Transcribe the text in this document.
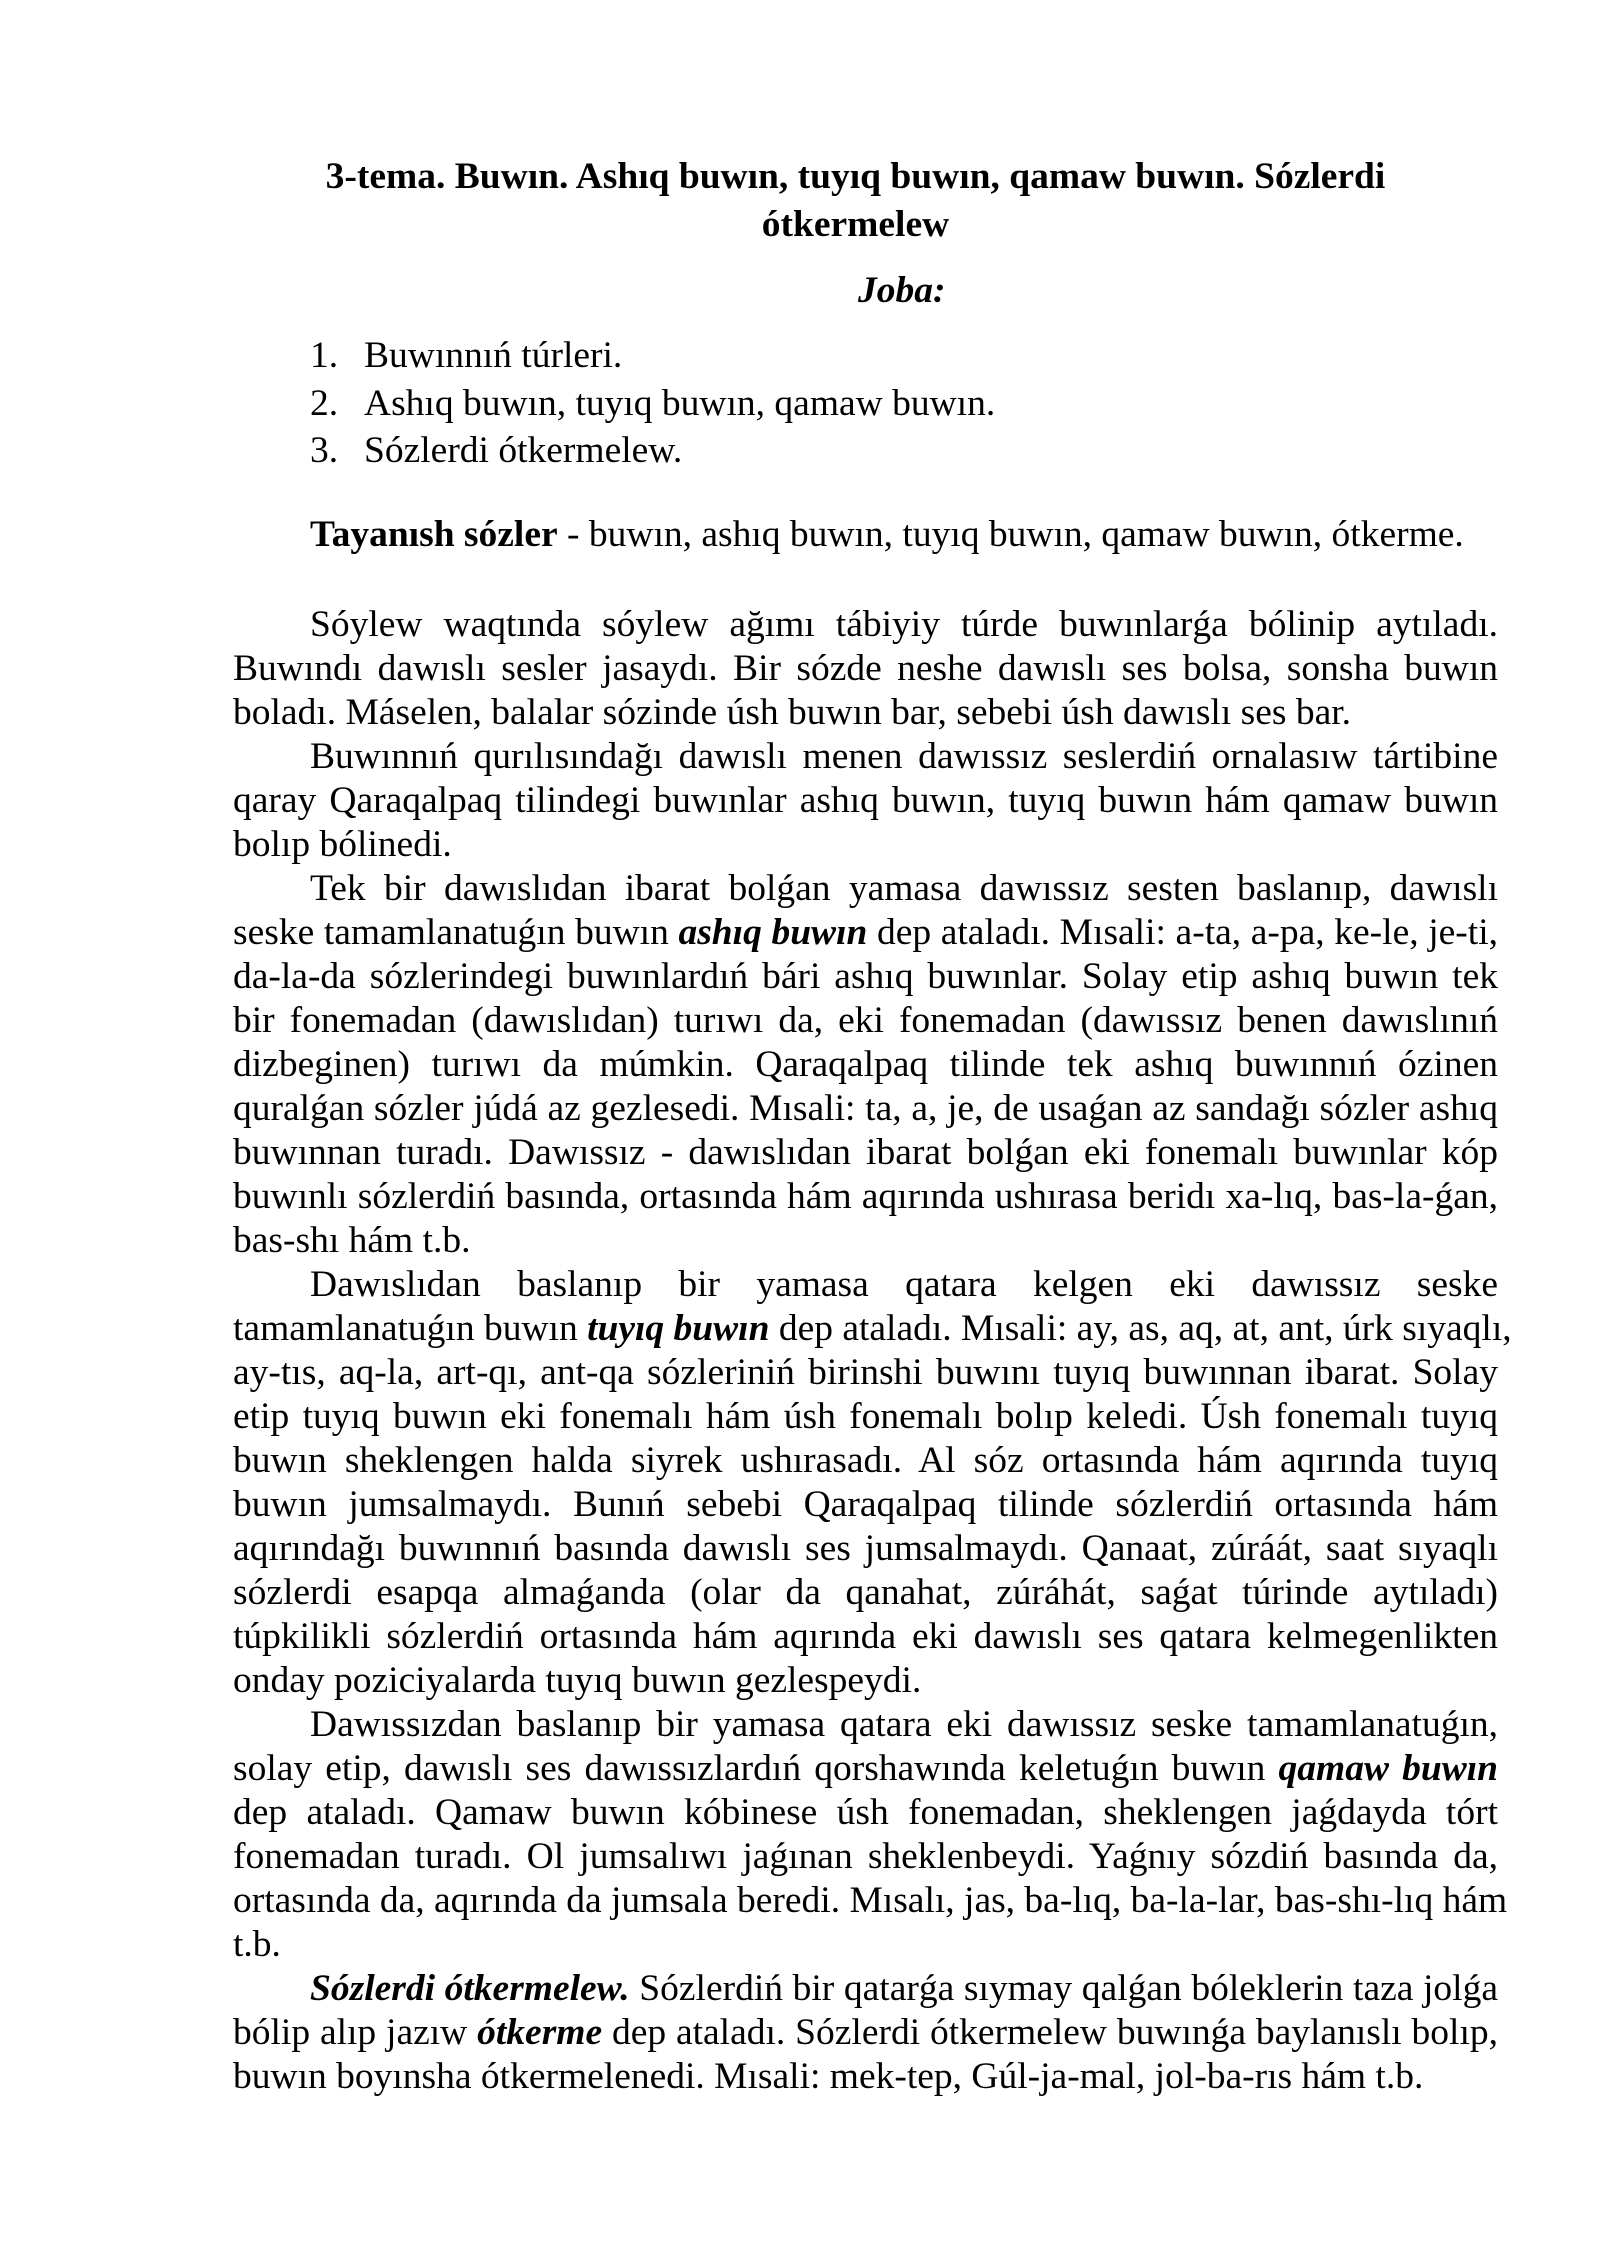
3-tema. Buwın. Ashıq buwın, tuyıq buwın, qamaw buwın. Sózlerdi
ótkermelew
Joba:
1. Buwınnıń túrleri.
2. Ashıq buwın, tuyıq buwın, qamaw buwın.
3. Sózlerdi ótkermelew.
Tayanısh sózler - buwın, ashıq buwın, tuyıq buwın, qamaw buwın, ótkerme.
Sóylew waqtında sóylew ağımı tábiyiy túrde buwınlarǵa bólinip aytıladı.
Buwındı dawıslı sesler jasaydı. Bir sózde neshe dawıslı ses bolsa, sonsha buwın
boladı. Máselen, balalar sózinde úsh buwın bar, sebebi úsh dawıslı ses bar.
Buwınnıń qurılısındağı dawıslı menen dawıssız seslerdiń ornalasıw tártibine
qaray Qaraqalpaq tilindegi buwınlar ashıq buwın, tuyıq buwın hám qamaw buwın
bolıp bólinedi.
Tek bir dawıslıdan ibarat bolǵan yamasa dawıssız sesten baslanıp, dawıslı
seske tamamlanatuǵın buwın ashıq buwın dep ataladı. Mısali: a-ta, a-pa, ke-le, je-ti,
da-la-da sózlerindegi buwınlardıń bári ashıq buwınlar. Solay etip ashıq buwın tek
bir fonemadan (dawıslıdan) turıwı da, eki fonemadan (dawıssız benen dawıslınıń
dizbeginen) turıwı da múmkin. Qaraqalpaq tilinde tek ashıq buwınnıń ózinen
quralǵan sózler júdá az gezlesedi. Mısali: ta, a, je, de usaǵan az sandağı sózler ashıq
buwınnan turadı. Dawıssız - dawıslıdan ibarat bolǵan eki fonemalı buwınlar kóp
buwınlı sózlerdiń basında, ortasında hám aqırında ushırasa beridı xa-lıq, bas-la-ǵan,
bas-shı hám t.b.
Dawıslıdan baslanıp bir yamasa qatara kelgen eki dawıssız seske
tamamlanatuǵın buwın tuyıq buwın dep ataladı. Mısali: ay, as, aq, at, ant, úrk sıyaqlı,
ay-tıs, aq-la, art-qı, ant-qa sózleriniń birinshi buwını tuyıq buwınnan ibarat. Solay
etip tuyıq buwın eki fonemalı hám úsh fonemalı bolıp keledi. Úsh fonemalı tuyıq
buwın sheklengen halda siyrek ushırasadı. Al sóz ortasında hám aqırında tuyıq
buwın jumsalmaydı. Bunıń sebebi Qaraqalpaq tilinde sózlerdiń ortasında hám
aqırındağı buwınnıń basında dawıslı ses jumsalmaydı. Qanaat, zúráát, saat sıyaqlı
sózlerdi esapqa almaǵanda (olar da qanahat, zúráhát, saǵat túrinde aytıladı)
túpkilikli sózlerdiń ortasında hám aqırında eki dawıslı ses qatara kelmegenlikten
onday poziciyalarda tuyıq buwın gezlespeydi.
Dawıssızdan baslanıp bir yamasa qatara eki dawıssız seske tamamlanatuǵın,
solay etip, dawıslı ses dawıssızlardıń qorshawında keletuǵın buwın qamaw buwın
dep ataladı. Qamaw buwın kóbinese úsh fonemadan, sheklengen jaǵdayda tórt
fonemadan turadı. Ol jumsalıwı jaǵınan sheklenbeydi. Yaǵnıy sózdiń basında da,
ortasında da, aqırında da jumsala beredi. Mısalı, jas, ba-lıq, ba-la-lar, bas-shı-lıq hám
t.b.
Sózlerdi ótkermelew. Sózlerdiń bir qatarǵa sıymay qalǵan bóleklerin taza jolǵa
bólip alıp jazıw ótkerme dep ataladı. Sózlerdi ótkermelew buwınǵa baylanıslı bolıp,
buwın boyınsha ótkermelenedi. Mısali: mek-tep, Gúl-ja-mal, jol-ba-rıs hám t.b.
